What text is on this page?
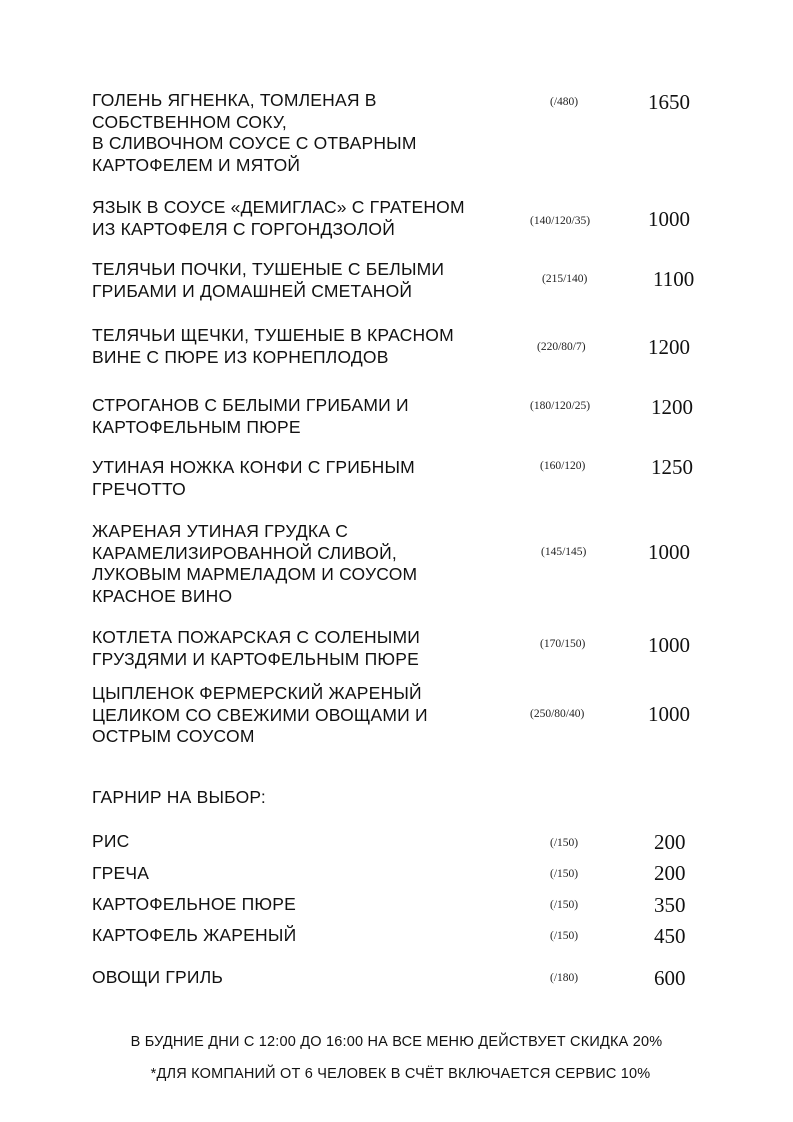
ГОЛЕНЬ ЯГНЕНКА, ТОМЛЕНАЯ В
СОБСТВЕННОМ СОКУ,
В СЛИВОЧНОМ СОУСЕ С ОТВАРНЫМ
КАРТОФЕЛЕМ И МЯТОЙ
(/480)	1650
ЯЗЫК В СОУСЕ «ДЕМИГЛАС» С ГРАТЕНОМ
ИЗ КАРТОФЕЛЯ С ГОРГОНДЗОЛОЙ	(140/120/35)	1000
ТЕЛЯЧЬИ ПОЧКИ, ТУШЕНЫЕ С БЕЛЫМИ
ГРИБАМИ И ДОМАШНЕЙ СМЕТАНОЙ
(215/140)	1100
ТЕЛЯЧЬИ ЩЕЧКИ, ТУШЕНЫЕ В КРАСНОМ
ВИНЕ С ПЮРЕ ИЗ КОРНЕПЛОДОВ	(220/80/7)	1200
СТРОГАНОВ С БЕЛЫМИ ГРИБАМИ И
КАРТОФЕЛЬНЫМ ПЮРЕ
(180/120/25)	1200
УТИНАЯ НОЖКА КОНФИ С ГРИБНЫМ
ГРЕЧОТТО
(160/120)	1250
ЖАРЕНАЯ УТИНАЯ ГРУДКА С
КАРАМЕЛИЗИРОВАННОЙ СЛИВОЙ,
ЛУКОВЫМ МАРМЕЛАДОМ И СОУСОМ
КРАСНОЕ ВИНО
(145/145)	1000
КОТЛЕТА ПОЖАРСКАЯ С СОЛЕНЫМИ
ГРУЗДЯМИ И КАРТОФЕЛЬНЫМ ПЮРЕ
(170/150)	1000
ЦЫПЛЕНОК ФЕРМЕРСКИЙ ЖАРЕНЫЙ
ЦЕЛИКОМ СО СВЕЖИМИ ОВОЩАМИ И
ОСТРЫМ СОУСОМ
(250/80/40)	1000
ГАРНИР НА ВЫБОР:
РИС	(/150)	200
ГРЕЧА	(/150)	200
КАРТОФЕЛЬНОЕ ПЮРЕ	(/150)	350
КАРТОФЕЛЬ ЖАРЕНЫЙ	(/150)	450
ОВОЩИ ГРИЛЬ	(/180)	600
В БУДНИЕ ДНИ С 12:00 ДО 16:00 НА ВСЕ МЕНЮ ДЕЙСТВУЕТ СКИДКА 20%
*ДЛЯ КОМПАНИЙ ОТ 6 ЧЕЛОВЕК В СЧЁТ ВКЛЮЧАЕТСЯ СЕРВИС 10%
